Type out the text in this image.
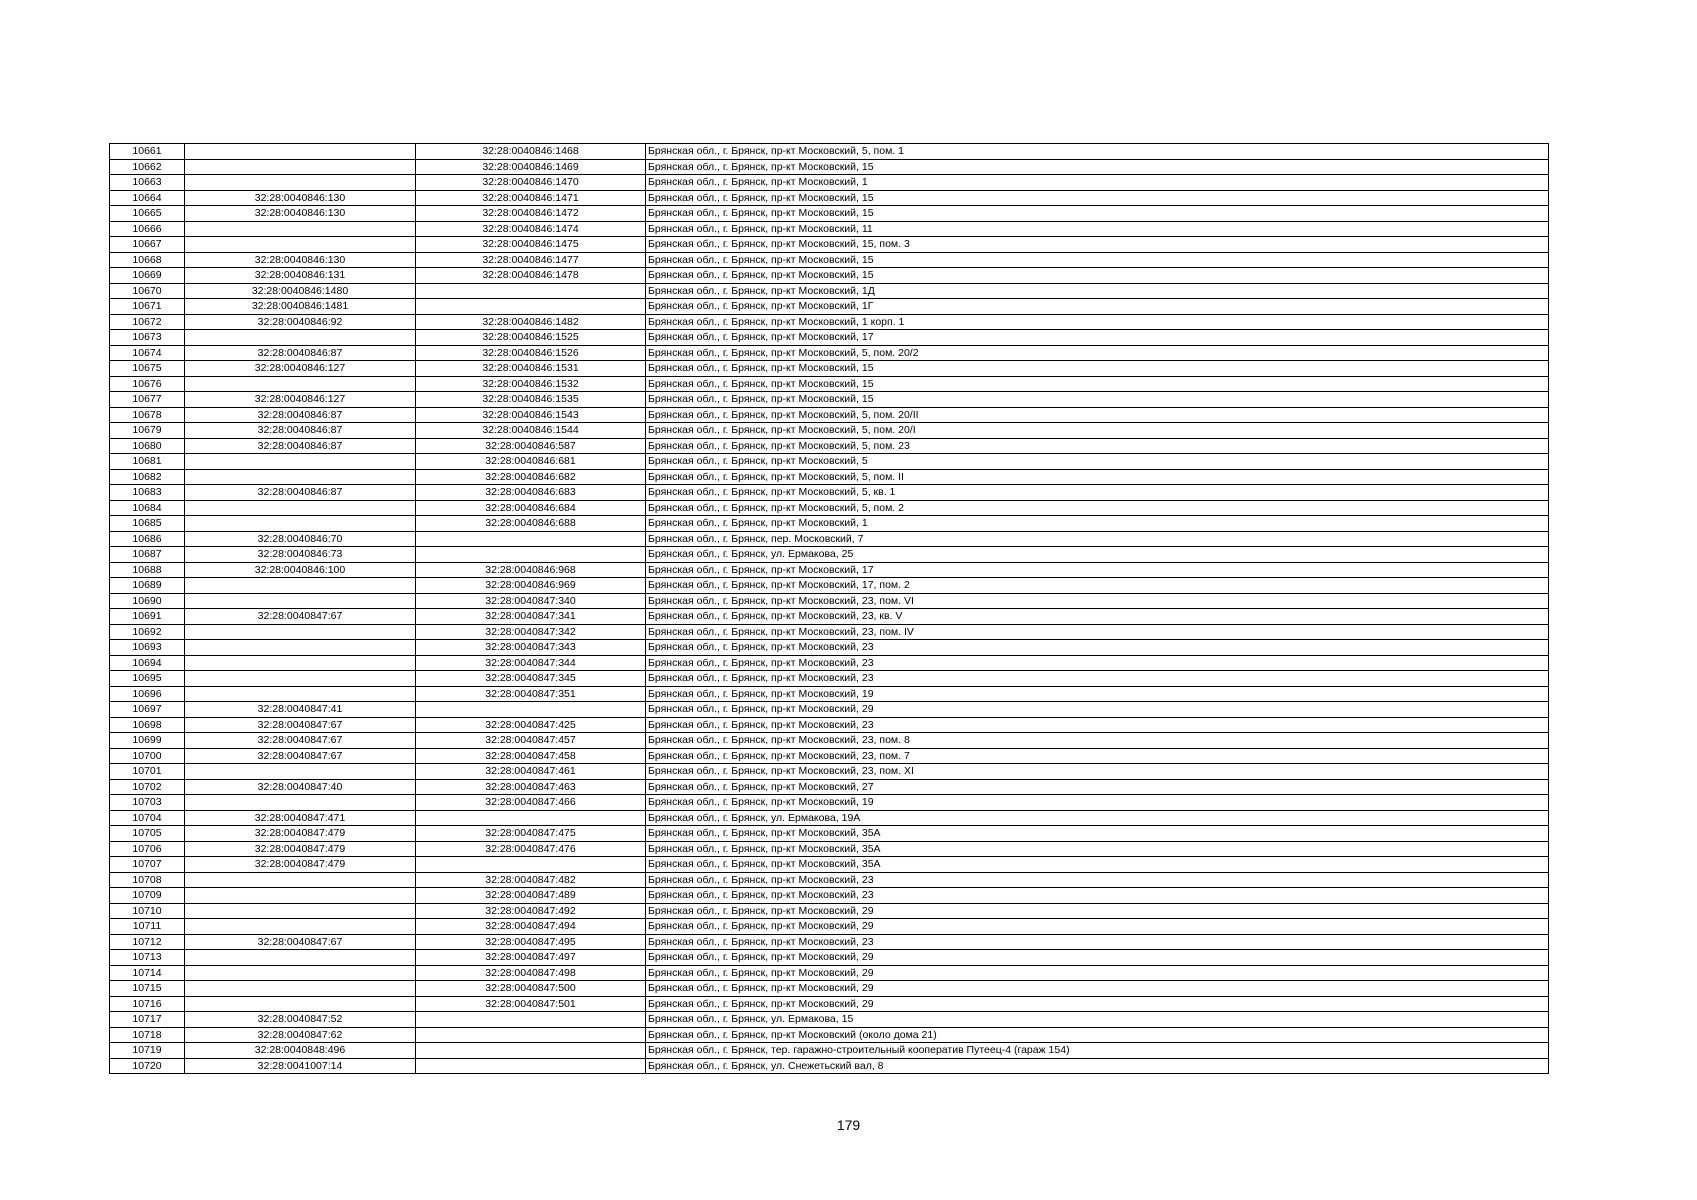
10661		32:28:0040846:1468	Брянская обл., г. Брянск, пр-кт Московский, 5, пом. 1
10662		32:28:0040846:1469	Брянская обл., г. Брянск, пр-кт Московский, 15
10663		32:28:0040846:1470	Брянская обл., г. Брянск, пр-кт Московский, 1
10664	32:28:0040846:130	32:28:0040846:1471	Брянская обл., г. Брянск, пр-кт Московский, 15
10665	32:28:0040846:130	32:28:0040846:1472	Брянская обл., г. Брянск, пр-кт Московский, 15
10666		32:28:0040846:1474	Брянская обл., г. Брянск, пр-кт Московский, 11
10667		32:28:0040846:1475	Брянская обл., г. Брянск, пр-кт Московский, 15, пом. 3
10668	32:28:0040846:130	32:28:0040846:1477	Брянская обл., г. Брянск, пр-кт Московский, 15
10669	32:28:0040846:131	32:28:0040846:1478	Брянская обл., г. Брянск, пр-кт Московский, 15
10670	32:28:0040846:1480		Брянская обл., г. Брянск, пр-кт Московский, 1Д
10671	32:28:0040846:1481		Брянская обл., г. Брянск, пр-кт Московский, 1Г
10672	32:28:0040846:92	32:28:0040846:1482	Брянская обл., г. Брянск, пр-кт Московский, 1 корп. 1
10673		32:28:0040846:1525	Брянская обл., г. Брянск, пр-кт Московский, 17
10674	32:28:0040846:87	32:28:0040846:1526	Брянская обл., г. Брянск, пр-кт Московский, 5, пом. 20/2
10675	32:28:0040846:127	32:28:0040846:1531	Брянская обл., г. Брянск, пр-кт Московский, 15
10676		32:28:0040846:1532	Брянская обл., г. Брянск, пр-кт Московский, 15
10677	32:28:0040846:127	32:28:0040846:1535	Брянская обл., г. Брянск, пр-кт Московский, 15
10678	32:28:0040846:87	32:28:0040846:1543	Брянская обл., г. Брянск, пр-кт Московский, 5, пом. 20/II
10679	32:28:0040846:87	32:28:0040846:1544	Брянская обл., г. Брянск, пр-кт Московский, 5, пом. 20/I
10680	32:28:0040846:87	32:28:0040846:587	Брянская обл., г. Брянск, пр-кт Московский, 5, пом. 23
10681		32:28:0040846:681	Брянская обл., г. Брянск, пр-кт Московский, 5
10682		32:28:0040846:682	Брянская обл., г. Брянск, пр-кт Московский, 5, пом. II
10683	32:28:0040846:87	32:28:0040846:683	Брянская обл., г. Брянск, пр-кт Московский, 5, кв. 1
10684		32:28:0040846:684	Брянская обл., г. Брянск, пр-кт Московский, 5, пом. 2
10685		32:28:0040846:688	Брянская обл., г. Брянск, пр-кт Московский, 1
10686	32:28:0040846:70		Брянская обл., г. Брянск, пер. Московский, 7
10687	32:28:0040846:73		Брянская обл., г. Брянск, ул. Ермакова, 25
10688	32:28:0040846:100	32:28:0040846:968	Брянская обл., г. Брянск, пр-кт Московский, 17
10689		32:28:0040846:969	Брянская обл., г. Брянск, пр-кт Московский, 17, пом. 2
10690		32:28:0040847:340	Брянская обл., г. Брянск, пр-кт Московский, 23, пом. VI
10691	32:28:0040847:67	32:28:0040847:341	Брянская обл., г. Брянск, пр-кт Московский, 23, кв. V
10692		32:28:0040847:342	Брянская обл., г. Брянск, пр-кт Московский, 23, пом. IV
10693		32:28:0040847:343	Брянская обл., г. Брянск, пр-кт Московский, 23
10694		32:28:0040847:344	Брянская обл., г. Брянск, пр-кт Московский, 23
10695		32:28:0040847:345	Брянская обл., г. Брянск, пр-кт Московский, 23
10696		32:28:0040847:351	Брянская обл., г. Брянск, пр-кт Московский, 19
10697	32:28:0040847:41		Брянская обл., г. Брянск, пр-кт Московский, 29
10698	32:28:0040847:67	32:28:0040847:425	Брянская обл., г. Брянск, пр-кт Московский, 23
10699	32:28:0040847:67	32:28:0040847:457	Брянская обл., г. Брянск, пр-кт Московский, 23, пом. 8
10700	32:28:0040847:67	32:28:0040847:458	Брянская обл., г. Брянск, пр-кт Московский, 23, пом. 7
10701		32:28:0040847:461	Брянская обл., г. Брянск, пр-кт Московский, 23, пом. XI
10702	32:28:0040847:40	32:28:0040847:463	Брянская обл., г. Брянск, пр-кт Московский, 27
10703		32:28:0040847:466	Брянская обл., г. Брянск, пр-кт Московский, 19
10704	32:28:0040847:471		Брянская обл., г. Брянск, ул. Ермакова, 19А
10705	32:28:0040847:479	32:28:0040847:475	Брянская обл., г. Брянск, пр-кт Московский, 35А
10706	32:28:0040847:479	32:28:0040847:476	Брянская обл., г. Брянск, пр-кт Московский, 35А
10707	32:28:0040847:479		Брянская обл., г. Брянск, пр-кт Московский, 35А
10708		32:28:0040847:482	Брянская обл., г. Брянск, пр-кт Московский, 23
10709		32:28:0040847:489	Брянская обл., г. Брянск, пр-кт Московский, 23
10710		32:28:0040847:492	Брянская обл., г. Брянск, пр-кт Московский, 29
10711		32:28:0040847:494	Брянская обл., г. Брянск, пр-кт Московский, 29
10712	32:28:0040847:67	32:28:0040847:495	Брянская обл., г. Брянск, пр-кт Московский, 23
10713		32:28:0040847:497	Брянская обл., г. Брянск, пр-кт Московский, 29
10714		32:28:0040847:498	Брянская обл., г. Брянск, пр-кт Московский, 29
10715		32:28:0040847:500	Брянская обл., г. Брянск, пр-кт Московский, 29
10716		32:28:0040847:501	Брянская обл., г. Брянск, пр-кт Московский, 29
10717	32:28:0040847:52		Брянская обл., г. Брянск, ул. Ермакова, 15
10718	32:28:0040847:62		Брянская обл., г. Брянск, пр-кт Московский (около дома 21)
10719	32:28:0040848:496		Брянская обл., г. Брянск, тер. гаражно-строительный кооператив Путеец-4 (гараж 154)
10720	32:28:0041007:14		Брянская обл., г. Брянск, ул. Снежетьский вал, 8
179
